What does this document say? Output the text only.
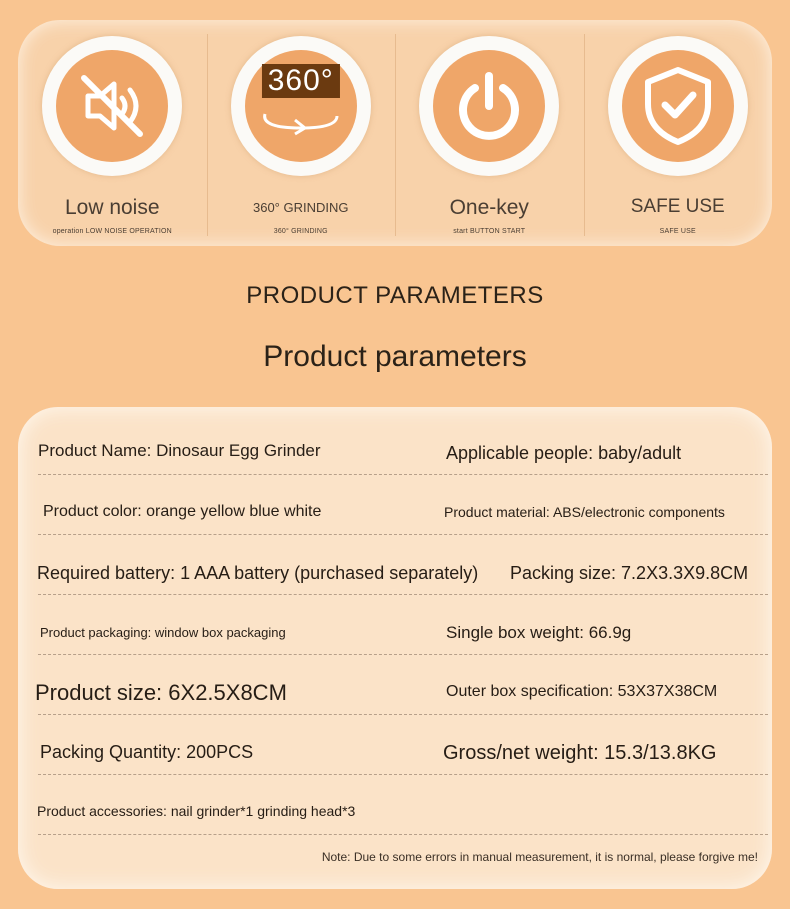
Low noise
operation LOW NOISE OPERATION
360°
360° GRINDING
360° GRINDING
One-key
start BUTTON START
SAFE USE
SAFE USE
PRODUCT PARAMETERS
Product parameters
Product Name: Dinosaur Egg Grinder	Applicable people: baby/adult
Product color: orange yellow blue white	Product material: ABS/electronic components
Required battery: 1 AAA battery (purchased separately) Packing size: 7.2X3.3X9.8CM
Product packaging: window box packaging	Single box weight: 66.9g
Product size: 6X2.5X8CM	Outer box specification: 53X37X38CM
Packing Quantity: 200PCS	Gross/net weight: 15.3/13.8KG
Product accessories: nail grinder*1 grinding head*3
Note: Due to some errors in manual measurement, it is normal, please forgive me!
